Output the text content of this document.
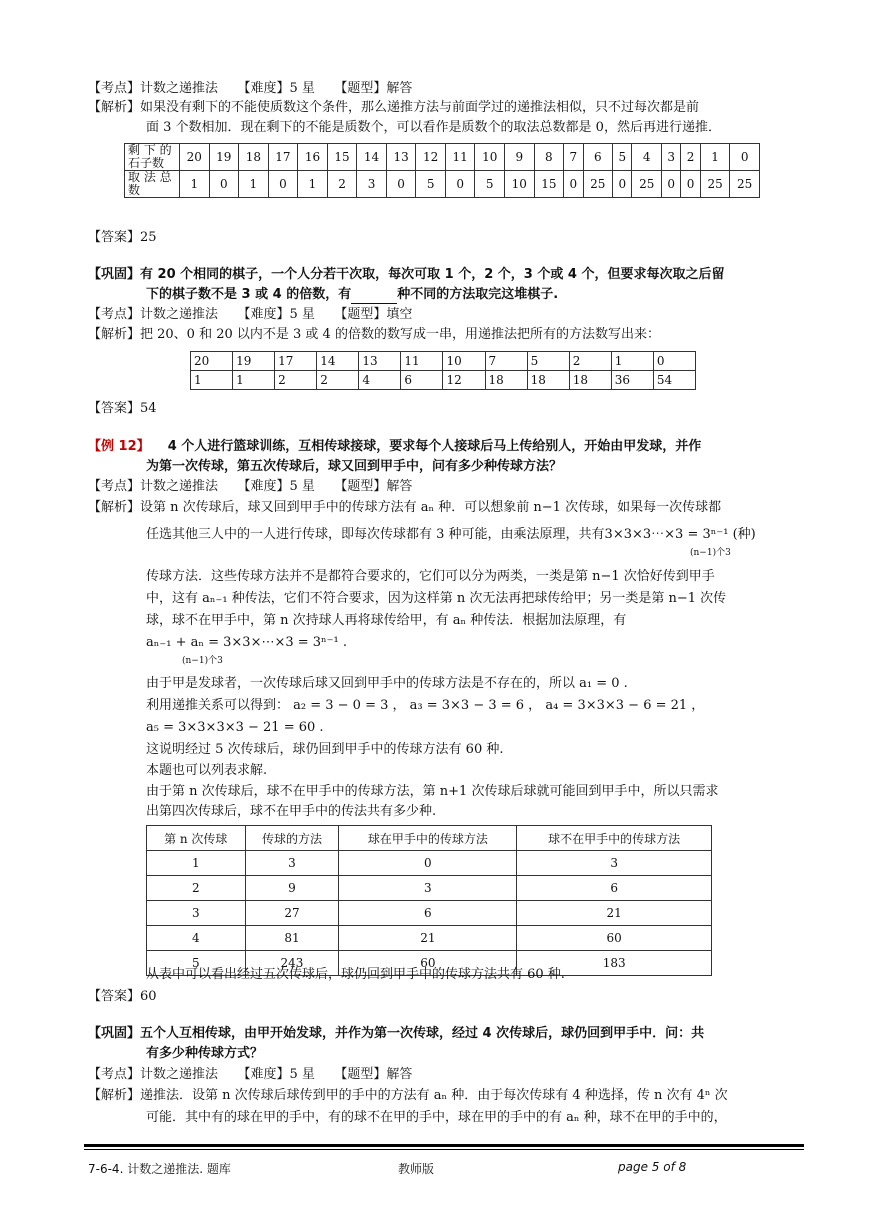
【考点】计数之递推法　　【难度】5 星　　【题型】解答
【解析】如果没有剩下的不能使质数这个条件，那么递推方法与前面学过的递推法相似，只不过每次都是前
面 3 个数相加．现在剩下的不能是质数个，可以看作是质数个的取法总数都是 0，然后再进行递推．
剩 下 的石子数	20	19	18	17	16	15	14	13	12	11	10	9	8	7	6	5	4	3	2	1	0
取 法 总数	1	0	1	0	1	2	3	0	5	0	5	10	15	0	25	0	25	0	0	25	25
【答案】25
【巩固】有 20 个相同的棋子，一个人分若干次取，每次可取 1 个，2 个，3 个或 4 个，但要求每次取之后留
下的棋子数不是 3 或 4 的倍数，有	种不同的方法取完这堆棋子.
【考点】计数之递推法　　【难度】5 星　　【题型】填空
【解析】把 20、0 和 20 以内不是 3 或 4 的倍数的数写成一串，用递推法把所有的方法数写出来：
20	19	17	14	13	11	10	7	5	2	1	0
1	1	2	2	4	6	12	18	18	18	36	54
【答案】54
【例 12】 4 个人进行篮球训练，互相传球接球，要求每个人接球后马上传给别人，开始由甲发球，并作
为第一次传球，第五次传球后，球又回到甲手中，问有多少种传球方法？
【考点】计数之递推法　　【难度】5 星　　【题型】解答
【解析】设第 n 次传球后，球又回到甲手中的传球方法有 aₙ 种．可以想象前 n−1 次传球，如果每一次传球都
任选其他三人中的一人进行传球，即每次传球都有 3 种可能，由乘法原理，共有3×3×3⋯×3 = 3ⁿ⁻¹ (种)
(n−1)个3
传球方法．这些传球方法并不是都符合要求的，它们可以分为两类，一类是第 n−1 次恰好传到甲手
中，这有 aₙ₋₁ 种传法，它们不符合要求，因为这样第 n 次无法再把球传给甲；另一类是第 n−1 次传
球，球不在甲手中，第 n 次持球人再将球传给甲，有 aₙ 种传法．根据加法原理，有
aₙ₋₁ + aₙ = 3×3×⋯×3 = 3ⁿ⁻¹ .
(n−1)个3
由于甲是发球者，一次传球后球又回到甲手中的传球方法是不存在的，所以 a₁ = 0 .
利用递推关系可以得到： a₂ = 3 − 0 = 3 ， a₃ = 3×3 − 3 = 6 ， a₄ = 3×3×3 − 6 = 21 ，
a₅ = 3×3×3×3 − 21 = 60 .
这说明经过 5 次传球后，球仍回到甲手中的传球方法有 60 种.
本题也可以列表求解.
由于第 n 次传球后，球不在甲手中的传球方法，第 n+1 次传球后球就可能回到甲手中，所以只需求
出第四次传球后，球不在甲手中的传法共有多少种.
第 n 次传球	传球的方法	球在甲手中的传球方法	球不在甲手中的传球方法
1	3	0	3
2	9	3	6
3	27	6	21
4	81	21	60
5	243	60	183
从表中可以看出经过五次传球后，球仍回到甲手中的传球方法共有 60 种.
【答案】60
【巩固】五个人互相传球，由甲开始发球，并作为第一次传球，经过 4 次传球后，球仍回到甲手中．问：共
有多少种传球方式？
【考点】计数之递推法　　【难度】5 星　　【题型】解答
【解析】递推法．设第 n 次传球后球传到甲的手中的方法有 aₙ 种．由于每次传球有 4 种选择，传 n 次有 4ⁿ 次
可能．其中有的球在甲的手中，有的球不在甲的手中，球在甲的手中的有 aₙ 种，球不在甲的手中的，
7-6-4. 计数之递推法. 题库	教师版	page 5 of 8
